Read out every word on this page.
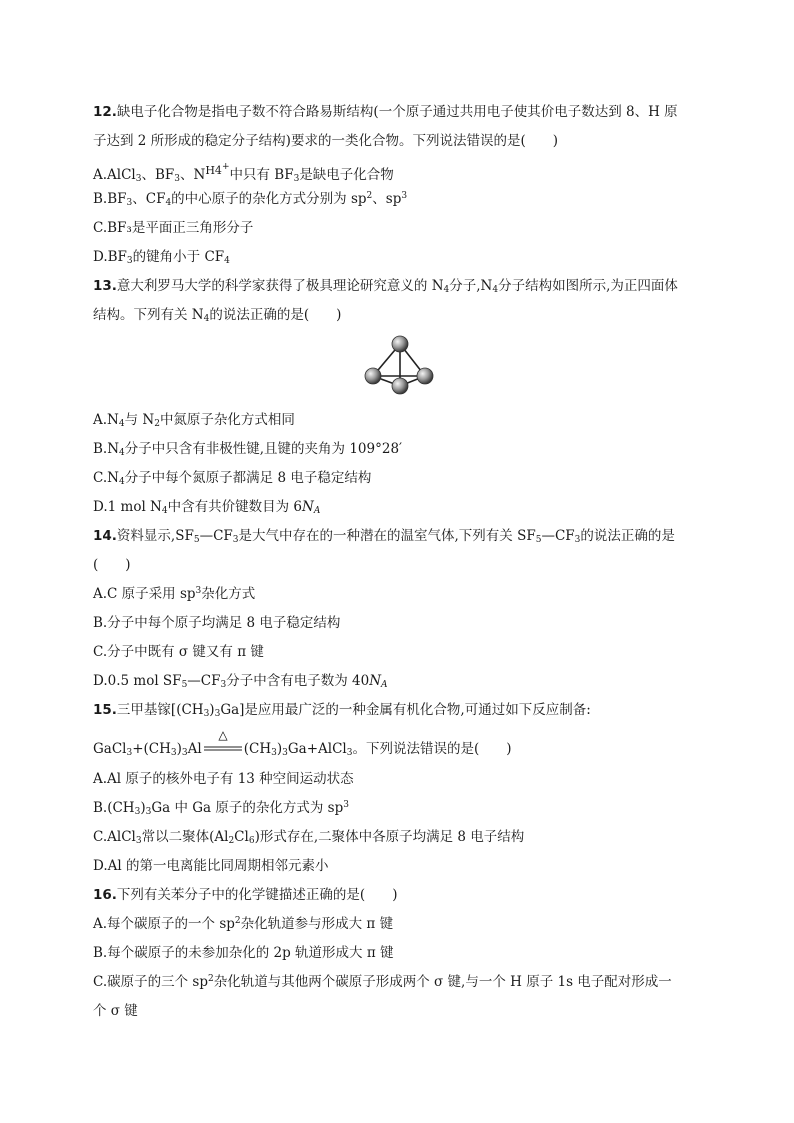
12.缺电子化合物是指电子数不符合路易斯结构(一个原子通过共用电子使其价电子数达到 8、H 原
子达到 2 所形成的稳定分子结构)要求的一类化合物。下列说法错误的是(　　)
A.AlCl$_3$、$BF_3$、$N^{H4^+}$中只有 $BF_3$是缺电子化合物
$B.BF_3$、$CF_4$的中心原子的杂化方式分别为 $sp^2$、$sp^3$
C.BF₃是平面正三角形分子
$D.BF_3$的键角小于 $CF_4$
13.意大利罗马大学的科学家获得了极具理论研究意义的 $N_4$分子$,N_4$分子结构如图所示,为正四面体
结构。下列有关 $N_4$的说法正确的是(　　)
$A.N_4$与 $N_2$中氮原子杂化方式相同
$B.N_4$分子中只含有非极性键,且键的夹角为 109°28′
$C.N_4$分子中每个氮原子都满足 8 电子稳定结构
D.1 mol $N_4$中含有共价键数目为 $6N_A$
14.资料显示$,SF_5—CF_3$是大气中存在的一种潜在的温室气体,下列有关 $SF_5—CF_3$的说法正确的是
(　　)
A.C 原子采用 $sp^3$杂化方式
B.分子中每个原子均满足 8 电子稳定结构
C.分子中既有 σ 键又有 π 键
D.0.5 mol $SF_5—CF_3$分子中含有电子数为 $40N_A$
15.三甲基镓$[(CH_3)_3Ga]$是应用最广泛的一种金属有机化合物,可通过如下反应制备:
$GaCl_3+(CH_3)_3Al$
△
$(CH_3)_3Ga+AlCl_3$。下列说法错误的是(　　)
A.Al 原子的核外电子有 13 种空间运动状态
$B.(CH_3)_3Ga$ 中 Ga 原子的杂化方式为 $sp^3$
C.AlCl$_3$常以二聚体$(Al_2Cl_6)$形式存在,二聚体中各原子均满足 8 电子结构
D.Al 的第一电离能比同周期相邻元素小
16.下列有关苯分子中的化学键描述正确的是(　　)
A.每个碳原子的一个 $sp^2$杂化轨道参与形成大 π 键
B.每个碳原子的未参加杂化的 2p 轨道形成大 π 键
C.碳原子的三个 $sp^2$杂化轨道与其他两个碳原子形成两个 σ 键,与一个 H 原子 1s 电子配对形成一
个 σ 键
